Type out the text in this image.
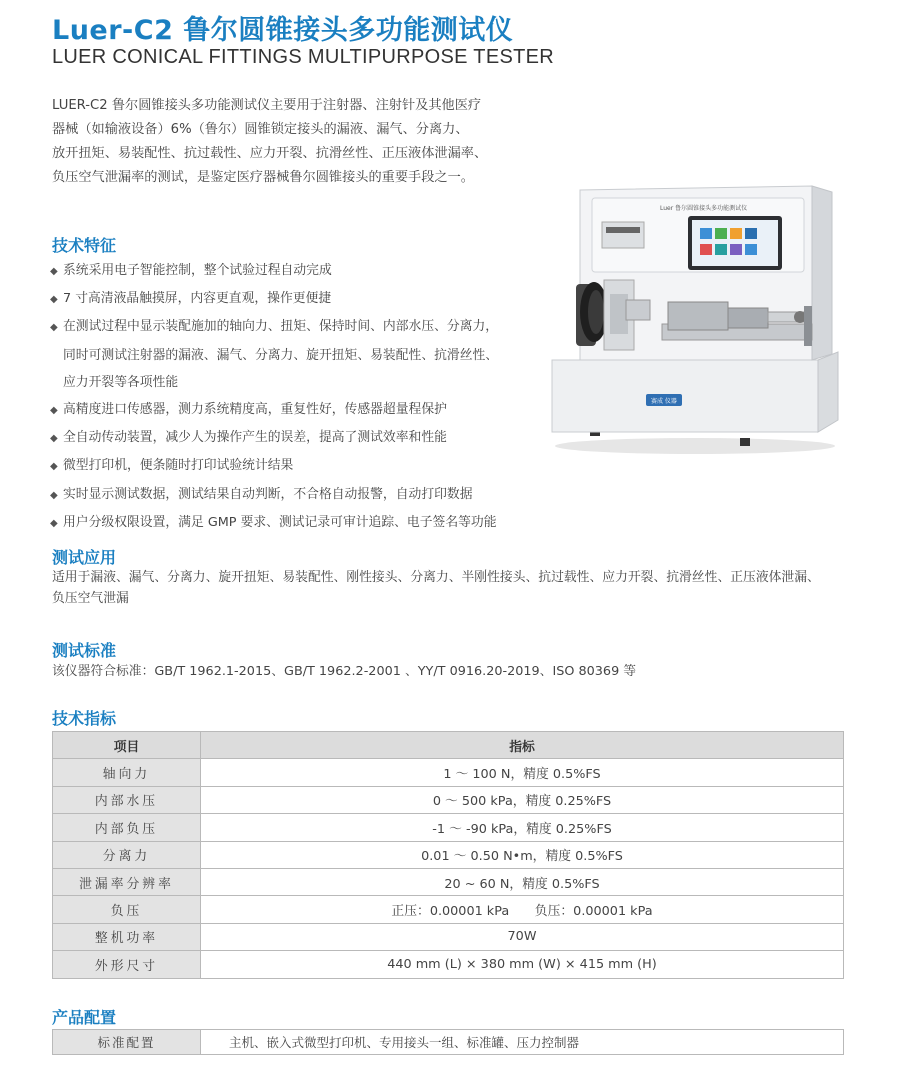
Luer-C2 鲁尔圆锥接头多功能测试仪
LUER CONICAL FITTINGS MULTIPURPOSE TESTER
LUER-C2 鲁尔圆锥接头多功能测试仪主要用于注射器、注射针及其他医疗
器械（如输液设备）6%（鲁尔）圆锥锁定接头的漏液、漏气、分离力、
放开扭矩、易装配性、抗过载性、应力开裂、抗滑丝性、正压液体泄漏率、
负压空气泄漏率的测试，是鉴定医疗器械鲁尔圆锥接头的重要手段之一。
Luer 鲁尔圆锥接头多功能测试仪
赛成 仪器
技术特征
◆ 系统采用电子智能控制，整个试验过程自动完成
◆ 7 寸高清液晶触摸屏，内容更直观，操作更便捷
◆ 在测试过程中显示装配施加的轴向力、扭矩、保持时间、内部水压、分离力，
同时可测试注射器的漏液、漏气、分离力、旋开扭矩、易装配性、抗滑丝性、
应力开裂等各项性能
◆ 高精度进口传感器，测力系统精度高，重复性好，传感器超量程保护
◆ 全自动传动装置，减少人为操作产生的误差，提高了测试效率和性能
◆ 微型打印机，便条随时打印试验统计结果
◆ 实时显示测试数据，测试结果自动判断，不合格自动报警，自动打印数据
◆ 用户分级权限设置，满足 GMP 要求、测试记录可审计追踪、电子签名等功能
测试应用
适用于漏液、漏气、分离力、旋开扭矩、易装配性、刚性接头、分离力、半刚性接头、抗过载性、应力开裂、抗滑丝性、正压液体泄漏、
负压空气泄漏
测试标准
该仪器符合标准：GB/T 1962.1-2015、GB/T 1962.2-2001 、YY/T 0916.20-2019、ISO 80369 等
技术指标
项目	指标
轴向力	1 ～ 100 N，精度 0.5%FS
内部水压	0 ～ 500 kPa，精度 0.25%FS
内部负压	-1 ～ -90 kPa，精度 0.25%FS
分离力	0.01 ～ 0.50 N•m，精度 0.5%FS
泄漏率分辨率	20 ~ 60 N，精度 0.5%FS
负压	正压：0.00001 kPa　　负压：0.00001 kPa
整机功率	70W
外形尺寸	440 mm (L) × 380 mm (W) × 415 mm (H)
产品配置
标准配置	主机、嵌入式微型打印机、专用接头一组、标准罐、压力控制器
